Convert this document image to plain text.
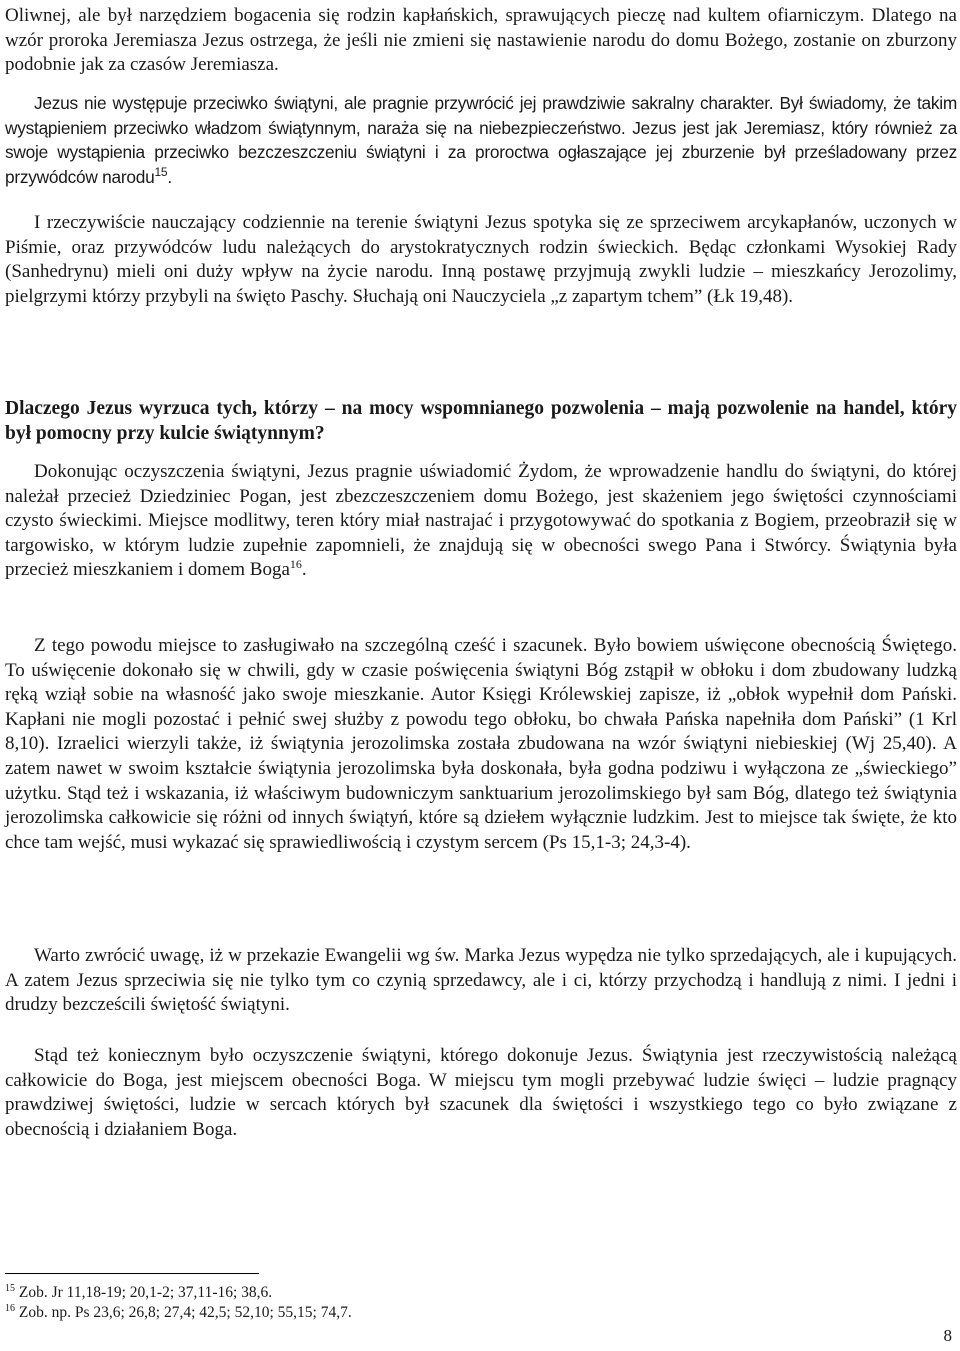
Oliwnej, ale był narzędziem bogacenia się rodzin kapłańskich, sprawujących pieczę nad kultem ofiarniczym. Dlatego na wzór proroka Jeremiasza Jezus ostrzega, że jeśli nie zmieni się nastawienie narodu do domu Bożego, zostanie on zburzony podobnie jak za czasów Jeremiasza.

Jezus nie występuje przeciwko świątyni, ale pragnie przywrócić jej prawdziwie sakralny charakter. Był świadomy, że takim wystąpieniem przeciwko władzom świątynnym, naraża się na niebezpieczeństwo. Jezus jest jak Jeremiasz, który również za swoje wystąpienia przeciwko bezczeszczeniu świątyni i za proroctwa ogłaszające jej zburzenie był prześladowany przez przywódców narodu$^{15}$.

I rzeczywiście nauczający codziennie na terenie świątyni Jezus spotyka się ze sprzeciwem arcykapłanów, uczonych w Piśmie, oraz przywódców ludu należących do arystokratycznych rodzin świeckich. Będąc członkami Wysokiej Rady (Sanhedrynu) mieli oni duży wpływ na życie narodu. Inną postawę przyjmują zwykli ludzie – mieszkańcy Jerozolimy, pielgrzymi którzy przybyli na święto Paschy. Słuchają oni Nauczyciela „z zapartym tchem” (Łk 19,48).

Dlaczego Jezus wyrzuca tych, którzy – na mocy wspomnianego pozwolenia – mają pozwolenie na handel, który był pomocny przy kulcie świątynnym?

Dokonując oczyszczenia świątyni, Jezus pragnie uświadomić Żydom, że wprowadzenie handlu do świątyni, do której należał przecież Dziedziniec Pogan, jest zbezczeszczeniem domu Bożego, jest skażeniem jego świętości czynnościami czysto świeckimi. Miejsce modlitwy, teren który miał nastrajać i przygotowywać do spotkania z Bogiem, przeobraził się w targowisko, w którym ludzie zupełnie zapomnieli, że znajdują się w obecności swego Pana i Stwórcy. Świątynia była przecież mieszkaniem i domem Boga$^{16}$.

Z tego powodu miejsce to zasługiwało na szczególną cześć i szacunek. Było bowiem uświęcone obecnością Świętego. To uświęcenie dokonało się w chwili, gdy w czasie poświęcenia świątyni Bóg zstąpił w obłoku i dom zbudowany ludzką ręką wziął sobie na własność jako swoje mieszkanie. Autor Księgi Królewskiej zapisze, iż „obłok wypełnił dom Pański. Kapłani nie mogli pozostać i pełnić swej służby z powodu tego obłoku, bo chwała Pańska napełniła dom Pański” (1 Krl 8,10). Izraelici wierzyli także, iż świątynia jerozolimska została zbudowana na wzór świątyni niebieskiej (Wj 25,40). A zatem nawet w swoim kształcie świątynia jerozolimska była doskonała, była godna podziwu i wyłączona ze „świeckiego” użytku. Stąd też i wskazania, iż właściwym budowniczym sanktuarium jerozolimskiego był sam Bóg, dlatego też świątynia jerozolimska całkowicie się różni od innych świątyń, które są dziełem wyłącznie ludzkim. Jest to miejsce tak święte, że kto chce tam wejść, musi wykazać się sprawiedliwością i czystym sercem (Ps 15,1-3; 24,3-4).

Warto zwrócić uwagę, iż w przekazie Ewangelii wg św. Marka Jezus wypędza nie tylko sprzedających, ale i kupujących. A zatem Jezus sprzeciwia się nie tylko tym co czynią sprzedawcy, ale i ci, którzy przychodzą i handlują z nimi. I jedni i drudzy bezcześcili świętość świątyni.

Stąd też koniecznym było oczyszczenie świątyni, którego dokonuje Jezus. Świątynia jest rzeczywistością należącą całkowicie do Boga, jest miejscem obecności Boga. W miejscu tym mogli przebywać ludzie święci – ludzie pragnący prawdziwej świętości, ludzie w sercach których był szacunek dla świętości i wszystkiego tego co było związane z obecnością i działaniem Boga.

$^{15}$ Zob. Jr 11,18-19; 20,1-2; 37,11-16; 38,6.

$^{16}$ Zob. np. Ps 23,6; 26,8; 27,4; 42,5; 52,10; 55,15; 74,7.

8
